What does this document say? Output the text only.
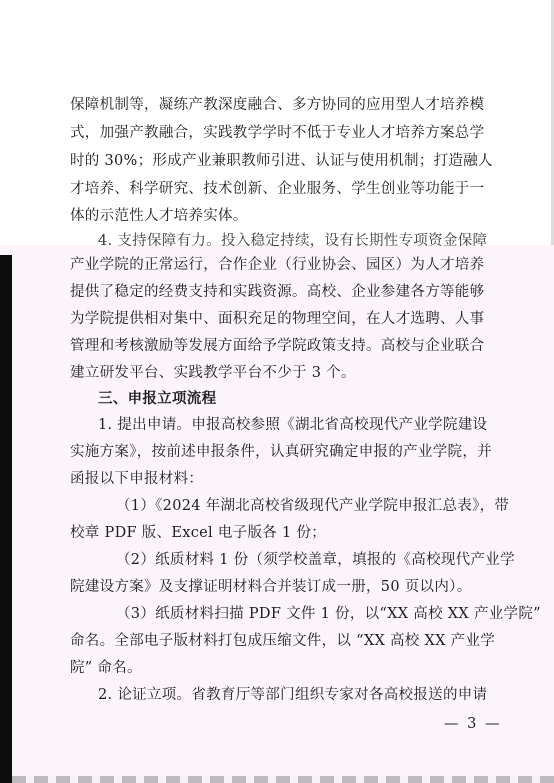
保障机制等，凝练产教深度融合、多方协同的应用型人才培养模
式，加强产教融合，实践教学学时不低于专业人才培养方案总学
时的 30%；形成产业兼职教师引进、认证与使用机制；打造融人
才培养、科学研究、技术创新、企业服务、学生创业等功能于一
体的示范性人才培养实体。
4. 支持保障有力。投入稳定持续，设有长期性专项资金保障
产业学院的正常运行，合作企业（行业协会、园区）为人才培养
提供了稳定的经费支持和实践资源。高校、企业参建各方等能够
为学院提供相对集中、面积充足的物理空间，在人才选聘、人事
管理和考核激励等发展方面给予学院政策支持。高校与企业联合
建立研发平台、实践教学平台不少于 3 个。
三、申报立项流程
1. 提出申请。申报高校参照《湖北省高校现代产业学院建设
实施方案》，按前述申报条件，认真研究确定申报的产业学院，并
函报以下申报材料：
（1）《2024 年湖北高校省级现代产业学院申报汇总表》，带
校章 PDF 版、Excel 电子版各 1 份；
（2）纸质材料 1 份（须学校盖章，填报的《高校现代产业学
院建设方案》及支撑证明材料合并装订成一册，50 页以内）。
（3）纸质材料扫描 PDF 文件 1 份，以“XX 高校 XX 产业学院”
命名。全部电子版材料打包成压缩文件，以 “XX 高校 XX 产业学
院” 命名。
2. 论证立项。省教育厅等部门组织专家对各高校报送的申请
— 3 —
